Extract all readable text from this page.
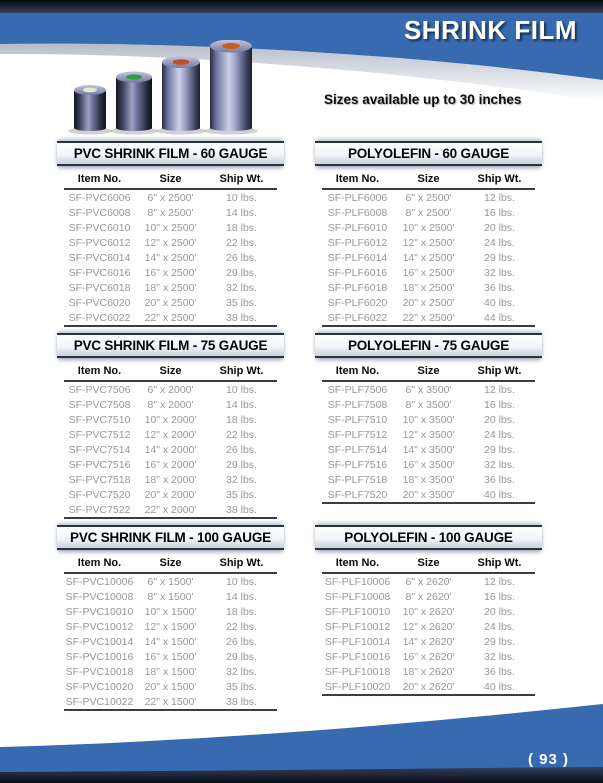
SHRINK FILM
Sizes available up to 30 inches
PVC SHRINK FILM - 60 GAUGE
Item No.	Size	Ship Wt.
SF-PVC6006	6" x 2500'	10 lbs.
SF-PVC6008	8" x 2500'	14 lbs.
SF-PVC6010	10" x 2500'	18 lbs.
SF-PVC6012	12" x 2500'	22 lbs.
SF-PVC6014	14" x 2500'	26 lbs.
SF-PVC6016	16" x 2500'	29 lbs.
SF-PVC6018	18" x 2500'	32 lbs.
SF-PVC6020	20" x 2500'	35 lbs.
SF-PVC6022	22" x 2500'	38 lbs.
POLYOLEFIN - 60 GAUGE
Item No.	Size	Ship Wt.
SF-PLF6006	6" x 2500'	12 lbs.
SF-PLF6008	8" x 2500'	16 lbs.
SF-PLF6010	10" x 2500'	20 lbs.
SF-PLF6012	12" x 2500'	24 lbs.
SF-PLF6014	14" x 2500'	29 lbs.
SF-PLF6016	16" x 2500'	32 lbs.
SF-PLF6018	18" x 2500'	36 lbs.
SF-PLF6020	20" x 2500'	40 lbs.
SF-PLF6022	22" x 2500'	44 lbs.
PVC SHRINK FILM - 75 GAUGE
Item No.	Size	Ship Wt.
SF-PVC7506	6" x 2000'	10 lbs.
SF-PVC7508	8" x 2000'	14 lbs.
SF-PVC7510	10" x 2000'	18 lbs.
SF-PVC7512	12" x 2000'	22 lbs.
SF-PVC7514	14" x 2000'	26 lbs.
SF-PVC7516	16" x 2000'	29 lbs.
SF-PVC7518	18" x 2000'	32 lbs.
SF-PVC7520	20" x 2000'	35 lbs.
SF-PVC7522	22" x 2000'	38 lbs.
POLYOLEFIN - 75 GAUGE
Item No.	Size	Ship Wt.
SF-PLF7506	6" x 3500'	12 lbs.
SF-PLF7508	8" x 3500'	16 lbs.
SF-PLF7510	10" x 3500'	20 lbs.
SF-PLF7512	12" x 3500'	24 lbs.
SF-PLF7514	14" x 3500'	29 lbs.
SF-PLF7516	16" x 3500'	32 lbs.
SF-PLF7518	18" x 3500'	36 lbs.
SF-PLF7520	20" x 3500'	40 lbs.
PVC SHRINK FILM - 100 GAUGE
Item No.	Size	Ship Wt.
SF-PVC10006	6" x 1500'	10 lbs.
SF-PVC10008	8" x 1500'	14 lbs.
SF-PVC10010	10" x 1500'	18 lbs.
SF-PVC10012	12" x 1500'	22 lbs.
SF-PVC10014	14" x 1500'	26 lbs.
SF-PVC10016	16" x 1500'	29 lbs.
SF-PVC10018	18" x 1500'	32 lbs.
SF-PVC10020	20" x 1500'	35 lbs.
SF-PVC10022	22" x 1500'	38 lbs.
POLYOLEFIN - 100 GAUGE
Item No.	Size	Ship Wt.
SF-PLF10006	6" x 2620'	12 lbs.
SF-PLF10008	8" x 2620'	16 lbs.
SF-PLF10010	10" x 2620'	20 lbs.
SF-PLF10012	12" x 2620'	24 lbs.
SF-PLF10014	14" x 2620'	29 lbs.
SF-PLF10016	16" x 2620'	32 lbs.
SF-PLF10018	18" x 2620'	36 lbs.
SF-PLF10020	20" x 2620'	40 lbs.
( 93 )
